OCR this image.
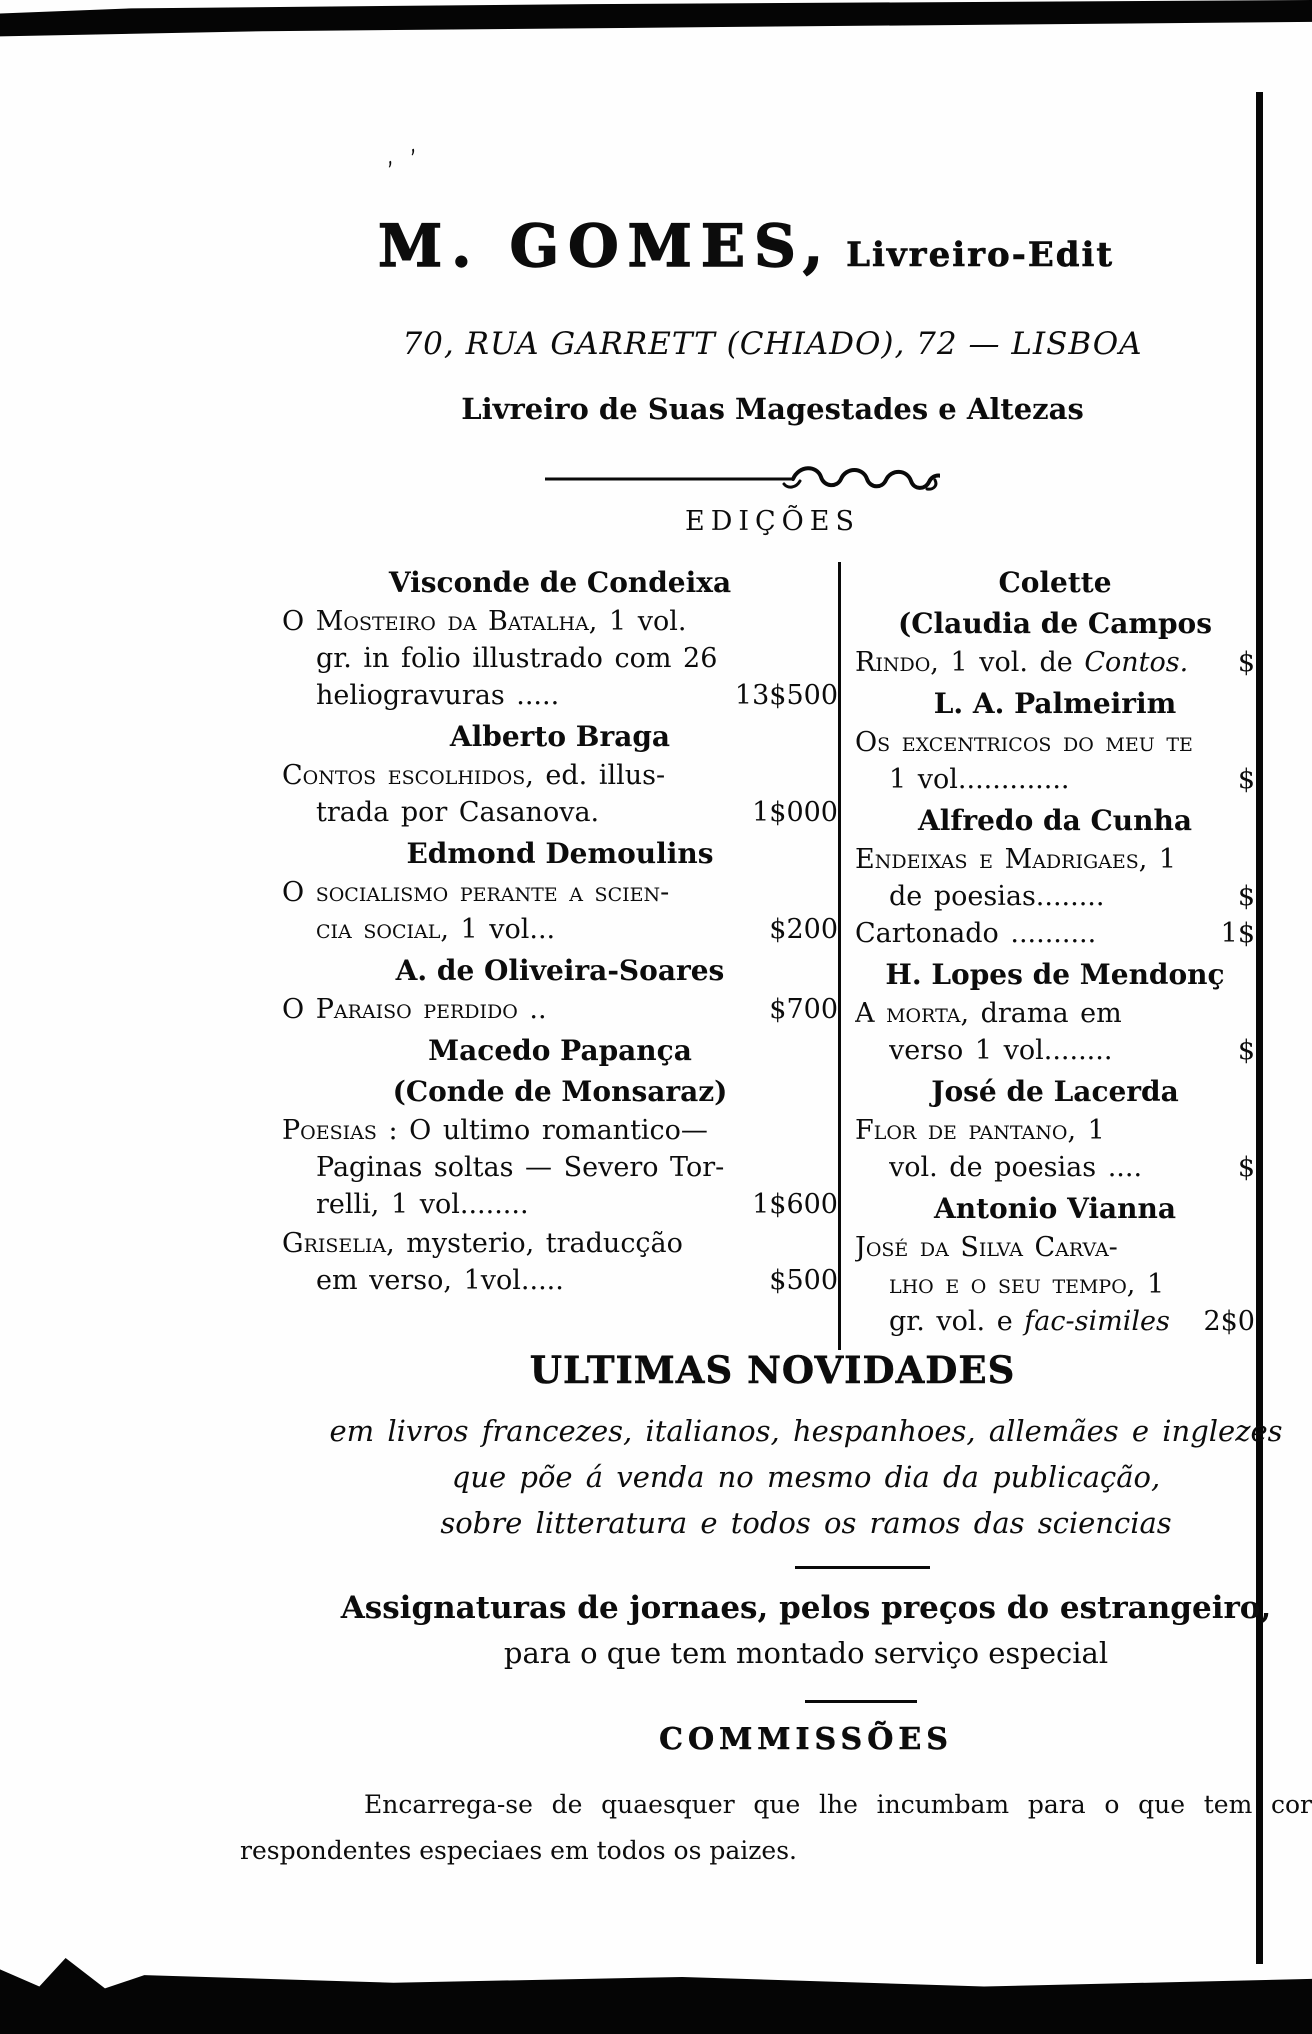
, ,
M. GOMES, Livreiro-Edit
70, RUA GARRETT (CHIADO), 72 — LISBOA
Livreiro de Suas Magestades e Altezas
EDIÇÕES
Visconde de Condeixa
O Mosteiro da Batalha, 1 vol.
gr. in folio illustrado com 26
heliogravuras .....	13$500
Alberto Braga
Contos escolhidos, ed. illus-
trada por Casanova.	1$000
Edmond Demoulins
O socialismo perante a scien-
cia social, 1 vol...	$200
A. de Oliveira-Soares
O Paraiso perdido ..	$700
Macedo Papança
(Conde de Monsaraz)
Poesias : O ultimo romantico—
Paginas soltas — Severo Tor-
relli, 1 vol........	1$600
Griselia, mysterio, traducção
em verso, 1vol.....	$500
Colette
(Claudia de Campos
Rindo, 1 vol. de Contos. $
L. A. Palmeirim
Os excentricos do meu te
1 vol.............	$
Alfredo da Cunha
Endeixas e Madrigaes, 1
de poesias........	$
Cartonado ..........	1$
H. Lopes de Mendonç
A morta, drama em
verso 1 vol........	$
José de Lacerda
Flor de pantano, 1
vol. de poesias ....	$
Antonio Vianna
José da Silva Carva-
lho e o seu tempo, 1
gr. vol. e fac-similes 2$0
ULTIMAS NOVIDADES
em livros francezes, italianos, hespanhoes, allemães e inglezes
que põe á venda no mesmo dia da publicação,
sobre litteratura e todos os ramos das sciencias
Assignaturas de jornaes, pelos preços do estrangeiro,
para o que tem montado serviço especial
COMMISSÕES
Encarrega-se de quaesquer que lhe incumbam para o que tem cor
respondentes especiaes em todos os paizes.
